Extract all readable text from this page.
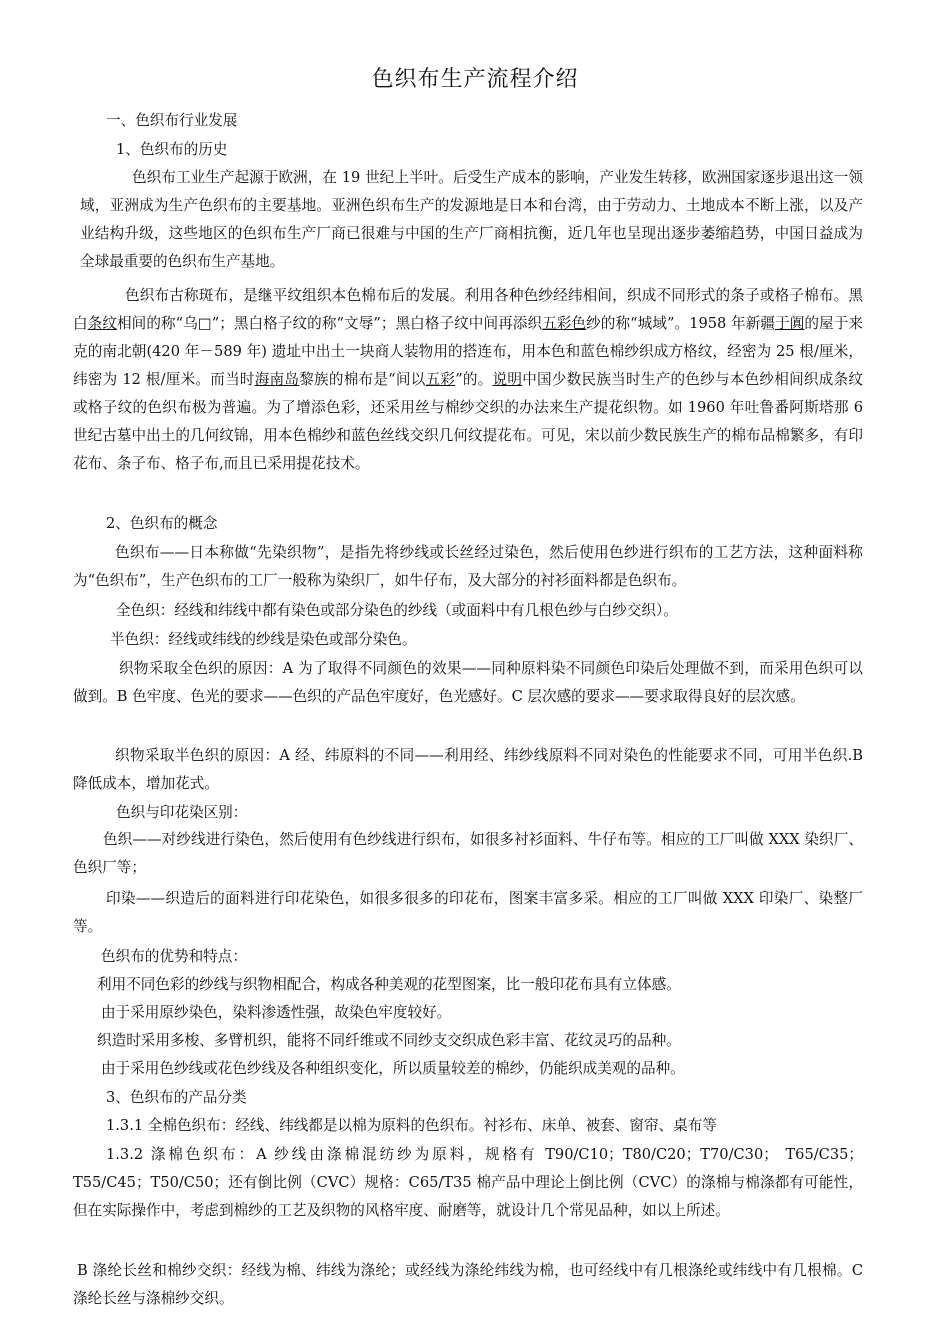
色织布生产流程介绍
一、色织布行业发展
1、色织布的历史

色织布工业生产起源于欧洲，在 19 世纪上半叶。后受生产成本的影响，产业发生转移，欧洲国家逐步退出这一领域，亚洲成为生产色织布的主要基地。亚洲色织布生产的发源地是日本和台湾，由于劳动力、土地成本不断上涨，以及产业结构升级，这些地区的色织布生产厂商已很难与中国的生产厂商相抗衡，近几年也呈现出逐步萎缩趋势，中国日益成为全球最重要的色织布生产基地。

色织布古称斑布，是继平纹组织本色棉布后的发展。利用各种色纱经纬相间，织成不同形式的条子或格子棉布。黑白条纹相间的称“乌□”；黑白格子纹的称“文辱”；黑白格子纹中间再添织五彩色纱的称“城域”。1958 年新疆于阗的屋于来克的南北朝(420 年－589 年) 遗址中出土一块商人装物用的搭连布，用本色和蓝色棉纱织成方格纹，经密为 25 根/厘米，纬密为 12 根/厘米。而当时海南岛黎族的棉布是“间以五彩”的。说明中国少数民族当时生产的色纱与本色纱相间织成条纹或格子纹的色织布极为普遍。为了增添色彩，还采用丝与棉纱交织的办法来生产提花织物。如 1960 年吐鲁番阿斯塔那 6 世纪古墓中出土的几何纹锦，用本色棉纱和蓝色丝线交织几何纹提花布。可见，宋以前少数民族生产的棉布品棉繁多，有印花布、条子布、格子布,而且已采用提花技术。

2、色织布的概念

色织布——日本称做“先染织物”，是指先将纱线或长丝经过染色，然后使用色纱进行织布的工艺方法，这种面料称为“色织布”，生产色织布的工厂一般称为染织厂，如牛仔布，及大部分的衬衫面料都是色织布。

全色织：经线和纬线中都有染色或部分染色的纱线（或面料中有几根色纱与白纱交织）。
半色织：经线或纬线的纱线是染色或部分染色。

织物采取全色织的原因：A 为了取得不同颜色的效果——同种原料染不同颜色印染后处理做不到，而采用色织可以做到。B 色牢度、色光的要求——色织的产品色牢度好，色光感好。C 层次感的要求——要求取得良好的层次感。

织物采取半色织的原因：A 经、纬原料的不同——利用经、纬纱线原料不同对染色的性能要求不同，可用半色织.B 降低成本，增加花式。

色织与印花染区别：

色织——对纱线进行染色，然后使用有色纱线进行织布，如很多衬衫面料、牛仔布等。相应的工厂叫做 XXX 染织厂、色织厂等；

印染——织造后的面料进行印花染色，如很多很多的印花布，图案丰富多采。相应的工厂叫做 XXX 印染厂、染整厂等。

色织布的优势和特点：
利用不同色彩的纱线与织物相配合，构成各种美观的花型图案，比一般印花布具有立体感。
由于采用原纱染色，染料渗透性强，故染色牢度较好。
织造时采用多梭、多臂机织，能将不同纤维或不同纱支交织成色彩丰富、花纹灵巧的品种。
由于采用色纱线或花色纱线及各种组织变化，所以质量较差的棉纱，仍能织成美观的品种。
3、色织布的产品分类
1.3.1 全棉色织布：经线、纬线都是以棉为原料的色织布。衬衫布、床单、被套、窗帘、桌布等

1.3.2 涤棉色织布：A 纱线由涤棉混纺纱为原料，规格有 T90/C10；T80/C20；T70/C30； T65/C35；T55/C45；T50/C50；还有倒比例（CVC）规格：C65/T35 棉产品中理论上倒比例（CVC）的涤棉与棉涤都有可能性，但在实际操作中，考虑到棉纱的工艺及织物的风格牢度、耐磨等，就设计几个常见品种，如以上所述。

B 涤纶长丝和棉纱交织：经线为棉、纬线为涤纶；或经线为涤纶纬线为棉，也可经线中有几根涤纶或纬线中有几根棉。C 涤纶长丝与涤棉纱交织。
